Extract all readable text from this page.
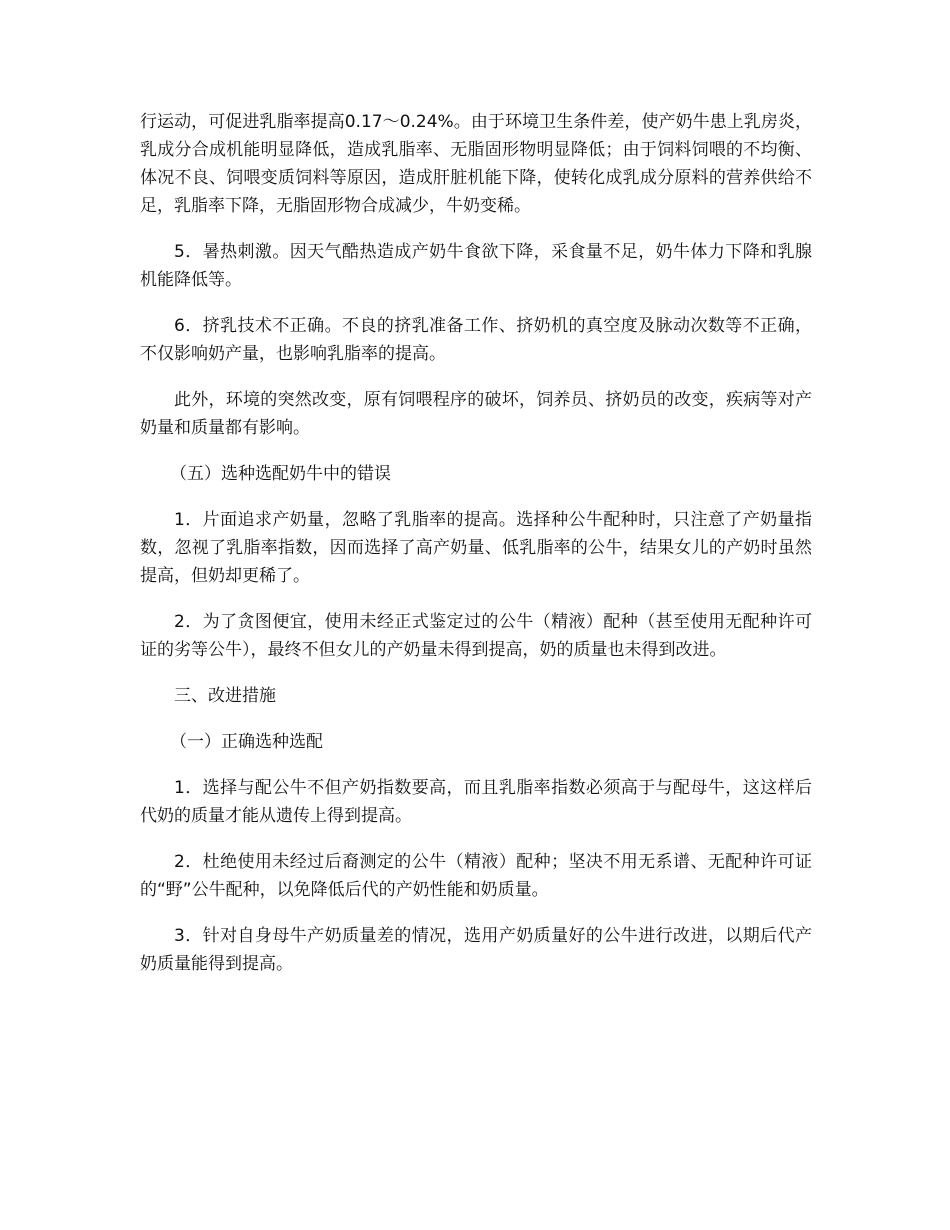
行运动，可促进乳脂率提高0.17～0.24%。由于环境卫生条件差，使产奶牛患上乳房炎，乳成分合成机能明显降低，造成乳脂率、无脂固形物明显降低；由于饲料饲喂的不均衡、体况不良、饲喂变质饲料等原因，造成肝脏机能下降，使转化成乳成分原料的营养供给不足，乳脂率下降，无脂固形物合成减少，牛奶变稀。

5．暑热刺激。因天气酷热造成产奶牛食欲下降，采食量不足，奶牛体力下降和乳腺机能降低等。

6．挤乳技术不正确。不良的挤乳准备工作、挤奶机的真空度及脉动次数等不正确，不仅影响奶产量，也影响乳脂率的提高。

此外，环境的突然改变，原有饲喂程序的破坏，饲养员、挤奶员的改变，疾病等对产奶量和质量都有影响。

（五）选种选配奶牛中的错误

1．片面追求产奶量，忽略了乳脂率的提高。选择种公牛配种时，只注意了产奶量指数，忽视了乳脂率指数，因而选择了高产奶量、低乳脂率的公牛，结果女儿的产奶时虽然提高，但奶却更稀了。

2．为了贪图便宜，使用未经正式鉴定过的公牛（精液）配种（甚至使用无配种许可证的劣等公牛），最终不但女儿的产奶量未得到提高，奶的质量也未得到改进。

三、改进措施

（一）正确选种选配

1．选择与配公牛不但产奶指数要高，而且乳脂率指数必须高于与配母牛，这这样后代奶的质量才能从遗传上得到提高。

2．杜绝使用未经过后裔测定的公牛（精液）配种；坚决不用无系谱、无配种许可证的“野”公牛配种，以免降低后代的产奶性能和奶质量。

3．针对自身母牛产奶质量差的情况，选用产奶质量好的公牛进行改进，以期后代产奶质量能得到提高。
